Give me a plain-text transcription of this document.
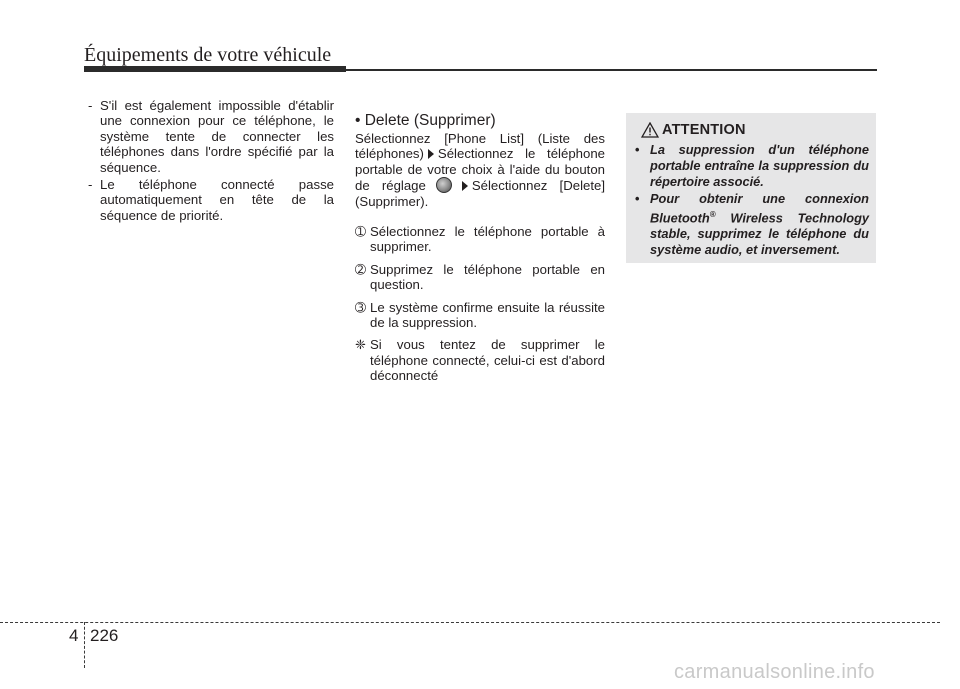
Équipements de votre véhicule
- S'il est également impossible d'établir une connexion pour ce téléphone, le système tente de connecter les téléphones dans l'ordre spécifié par la séquence.
- Le téléphone connecté passe automatiquement en tête de la séquence de priorité.
• Delete (Supprimer)
Sélectionnez [Phone List] (Liste des téléphones) Sélectionnez le téléphone portable de votre choix à l'aide du bouton de réglage	Sélectionnez [Delete] (Supprimer).
➀ Sélectionnez le téléphone portable à supprimer.
➁ Supprimez le téléphone portable en question.
➂ Le système confirme ensuite la réussite de la suppression.
❈ Si vous tentez de supprimer le téléphone connecté, celui-ci est d'abord déconnecté
ATTENTION
• La suppression d'un téléphone portable entraîne la suppression du répertoire associé.
• Pour obtenir une connexion Bluetooth® Wireless Technology stable, supprimez le téléphone du système audio, et inversement.
4 226
carmanualsonline.info
